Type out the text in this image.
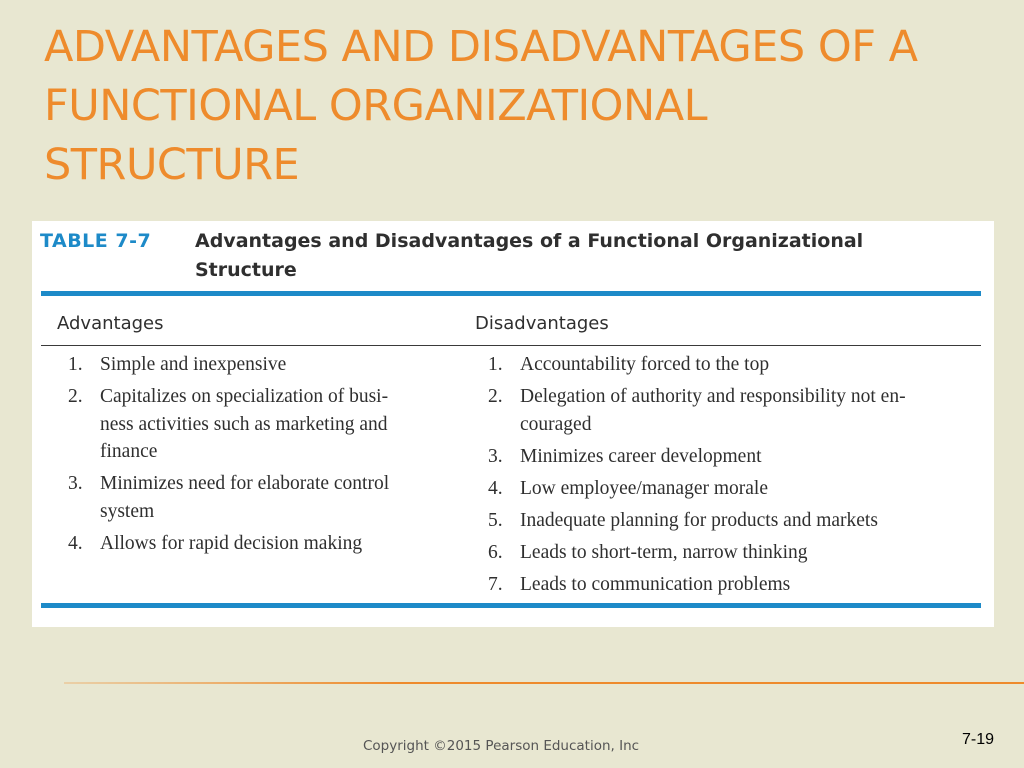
ADVANTAGES AND DISADVANTAGES OF A
FUNCTIONAL ORGANIZATIONAL
STRUCTURE
TABLE 7-7 Advantages and Disadvantages of a Functional Organizational
Structure
Advantages	Disadvantages
1. Simple and inexpensive
2. Capitalizes on specialization of busi-
ness activities such as marketing and
finance
3. Minimizes need for elaborate control
system
4. Allows for rapid decision making
1. Accountability forced to the top
2. Delegation of authority and responsibility not en-
couraged
3. Minimizes career development
4. Low employee/manager morale
5. Inadequate planning for products and markets
6. Leads to short-term, narrow thinking
7. Leads to communication problems
Copyright ©2015 Pearson Education, Inc	7-19
